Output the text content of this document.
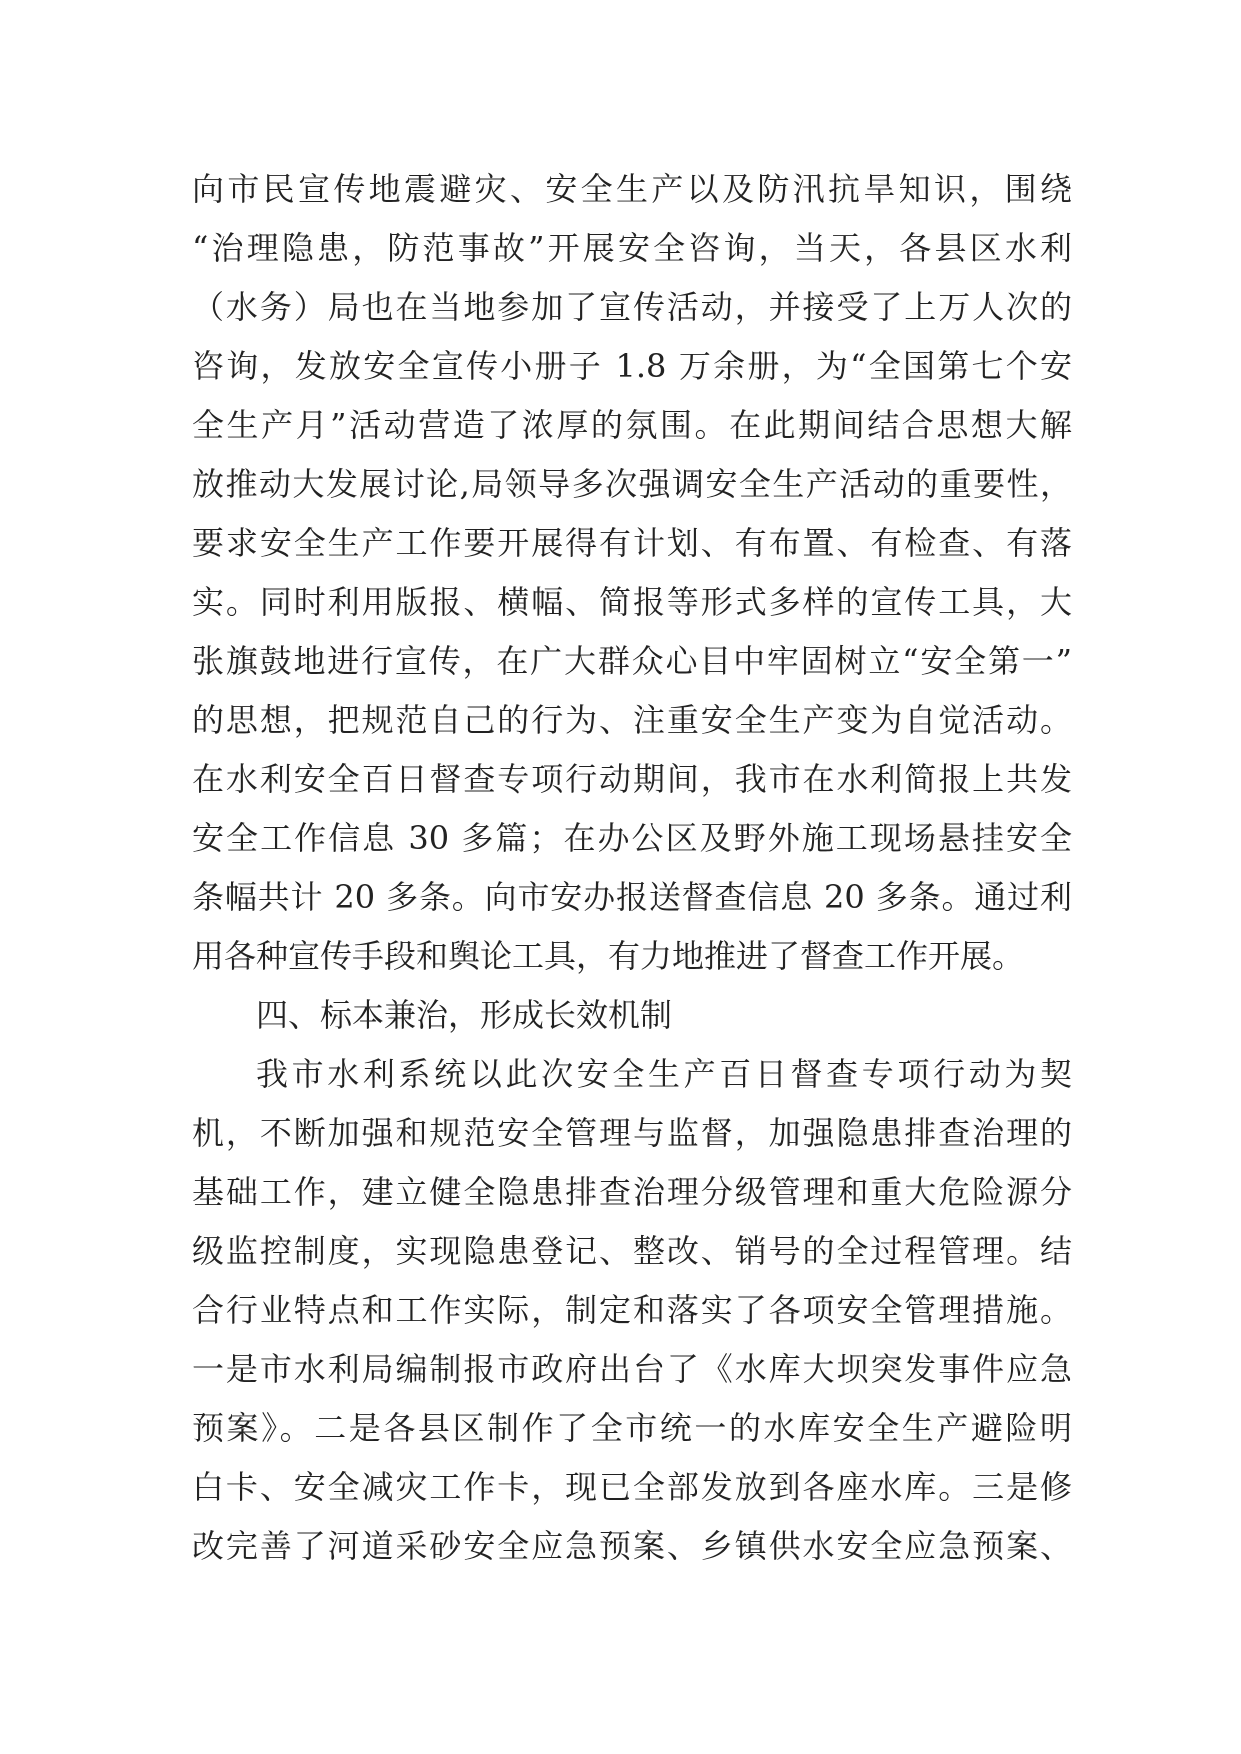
向市民宣传地震避灾、安全生产以及防汛抗旱知识，围绕
“治理隐患，防范事故”开展安全咨询，当天，各县区水利
（水务）局也在当地参加了宣传活动，并接受了上万人次的
咨询，发放安全宣传小册子 1.8 万余册，为“全国第七个安
全生产月”活动营造了浓厚的氛围。在此期间结合思想大解
放推动大发展讨论,局领导多次强调安全生产活动的重要性，
要求安全生产工作要开展得有计划、有布置、有检查、有落
实。同时利用版报、横幅、简报等形式多样的宣传工具，大
张旗鼓地进行宣传，在广大群众心目中牢固树立“安全第一”
的思想，把规范自己的行为、注重安全生产变为自觉活动。
在水利安全百日督查专项行动期间，我市在水利简报上共发
安全工作信息 30 多篇；在办公区及野外施工现场悬挂安全
条幅共计 20 多条。向市安办报送督查信息 20 多条。通过利
用各种宣传手段和舆论工具，有力地推进了督查工作开展。
四、标本兼治，形成长效机制
我市水利系统以此次安全生产百日督查专项行动为契
机，不断加强和规范安全管理与监督，加强隐患排查治理的
基础工作，建立健全隐患排查治理分级管理和重大危险源分
级监控制度，实现隐患登记、整改、销号的全过程管理。结
合行业特点和工作实际，制定和落实了各项安全管理措施。
一是市水利局编制报市政府出台了《水库大坝突发事件应急
预案》。二是各县区制作了全市统一的水库安全生产避险明
白卡、安全减灾工作卡，现已全部发放到各座水库。三是修
改完善了河道采砂安全应急预案、乡镇供水安全应急预案、
